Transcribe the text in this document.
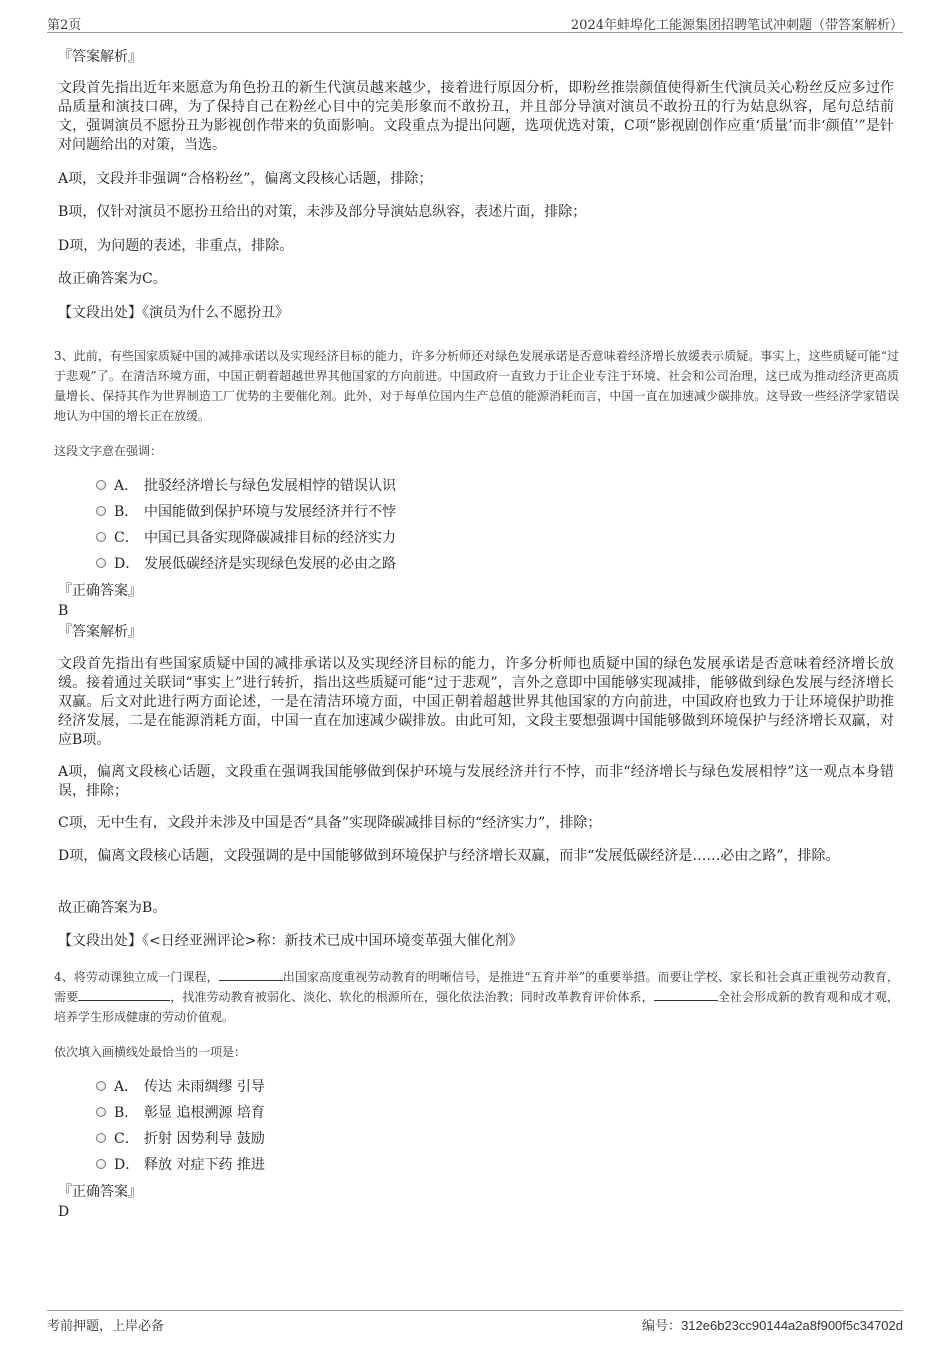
第2页	2024年蚌埠化工能源集团招聘笔试冲刺题（带答案解析）
『答案解析』
文段首先指出近年来愿意为角色扮丑的新生代演员越来越少，接着进行原因分析，即粉丝推崇颜值使得新生代演员关心粉丝反应多过作品质量和演技口碑，为了保持自己在粉丝心目中的完美形象而不敢扮丑，并且部分导演对演员不敢扮丑的行为姑息纵容，尾句总结前文，强调演员不愿扮丑为影视创作带来的负面影响。文段重点为提出问题，选项优选对策，C项“影视剧创作应重‘质量’而非‘颜值’”是针对问题给出的对策，当选。
A项，文段并非强调“合格粉丝”，偏离文段核心话题，排除；
B项，仅针对演员不愿扮丑给出的对策，未涉及部分导演姑息纵容，表述片面，排除；
D项，为问题的表述，非重点，排除。
故正确答案为C。
【文段出处】《演员为什么不愿扮丑》
3、此前，有些国家质疑中国的减排承诺以及实现经济目标的能力，许多分析师还对绿色发展承诺是否意味着经济增长放缓表示质疑。事实上，这些质疑可能“过于悲观”了。在清洁环境方面，中国正朝着超越世界其他国家的方向前进。中国政府一直致力于让企业专注于环境、社会和公司治理，这已成为推动经济更高质量增长、保持其作为世界制造工厂优势的主要催化剂。此外，对于每单位国内生产总值的能源消耗而言，中国一直在加速减少碳排放。这导致一些经济学家错误地认为中国的增长正在放缓。
这段文字意在强调：
A． 批驳经济增长与绿色发展相悖的错误认识
B． 中国能做到保护环境与发展经济并行不悖
C． 中国已具备实现降碳减排目标的经济实力
D． 发展低碳经济是实现绿色发展的必由之路
『正确答案』
B
『答案解析』
文段首先指出有些国家质疑中国的减排承诺以及实现经济目标的能力，许多分析师也质疑中国的绿色发展承诺是否意味着经济增长放缓。接着通过关联词“事实上”进行转折，指出这些质疑可能“过于悲观”，言外之意即中国能够实现减排，能够做到绿色发展与经济增长双赢。后文对此进行两方面论述，一是在清洁环境方面，中国正朝着超越世界其他国家的方向前进，中国政府也致力于让环境保护助推经济发展，二是在能源消耗方面，中国一直在加速减少碳排放。由此可知，文段主要想强调中国能够做到环境保护与经济增长双赢，对应B项。
A项，偏离文段核心话题，文段重在强调我国能够做到保护环境与发展经济并行不悖，而非“经济增长与绿色发展相悖”这一观点本身错误，排除；
C项，无中生有，文段并未涉及中国是否“具备”实现降碳减排目标的“经济实力”，排除；
D项，偏离文段核心话题，文段强调的是中国能够做到环境保护与经济增长双赢，而非“发展低碳经济是……必由之路”，排除。
故正确答案为B。
【文段出处】《<日经亚洲评论>称：新技术已成中国环境变革强大催化剂》
4、将劳动课独立成一门课程，	出国家高度重视劳动教育的明晰信号，是推进“五育并举”的重要举措。而要让学校、家长和社会真正重视劳动教育，需要	，找准劳动教育被弱化、淡化、软化的根源所在，强化依法治教；同时改革教育评价体系，	全社会形成新的教育观和成才观，培养学生形成健康的劳动价值观。
依次填入画横线处最恰当的一项是：
A． 传达 未雨绸缪 引导
B． 彰显 追根溯源 培育
C． 折射 因势利导 鼓励
D． 释放 对症下药 推进
『正确答案』
D
考前押题，上岸必备	编号：312e6b23cc90144a2a8f900f5c34702d
